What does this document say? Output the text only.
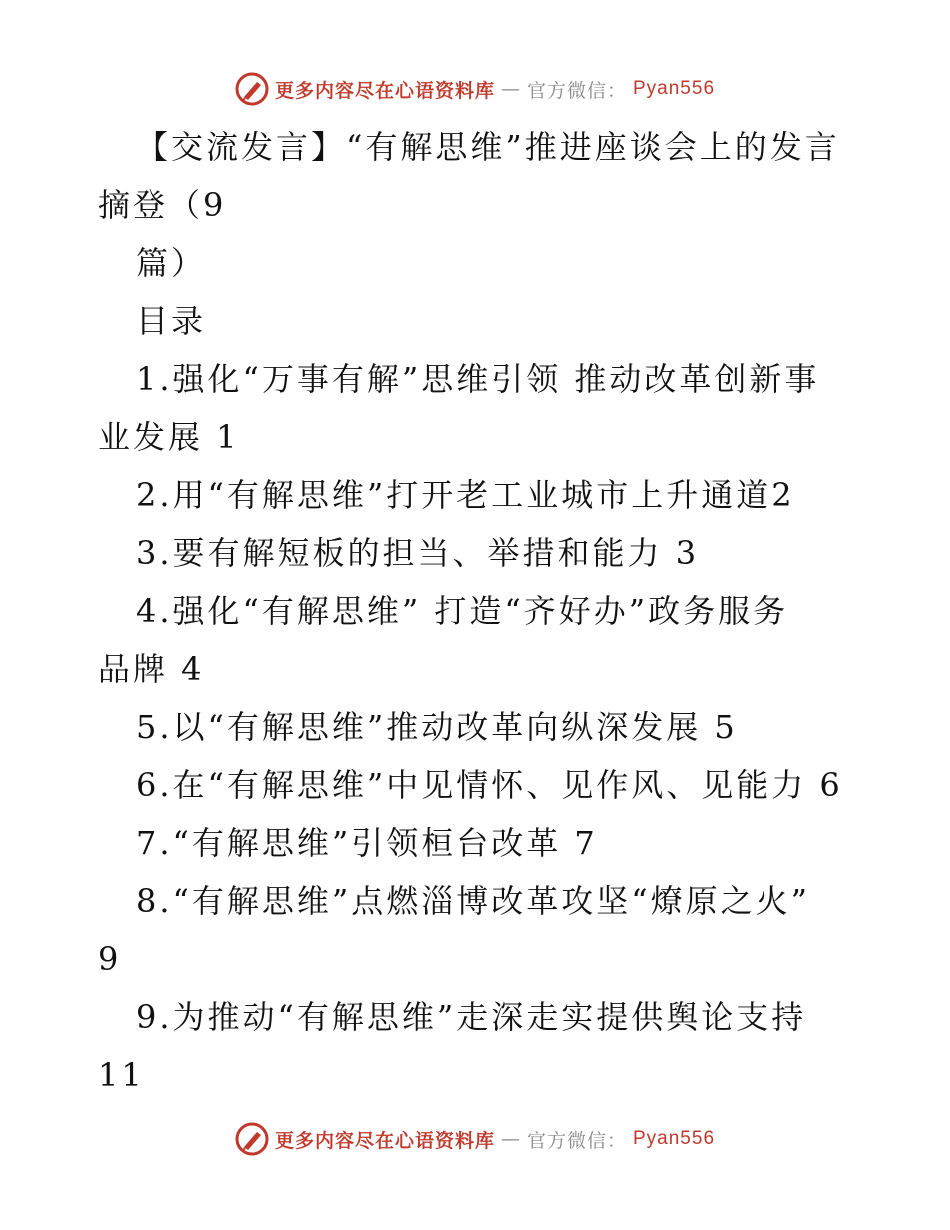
更多内容尽在心语资料库 — 官方微信： Pyan556
【交流发言】“有解思维”推进座谈会上的发言
摘登（9
篇）
目录
1.强化“万事有解”思维引领 推动改革创新事
业发展 1
2.用“有解思维”打开老工业城市上升通道2
3.要有解短板的担当、举措和能力 3
4.强化“有解思维” 打造“齐好办”政务服务
品牌 4
5.以“有解思维”推动改革向纵深发展 5
6.在“有解思维”中见情怀、见作风、见能力 6
7.“有解思维”引领桓台改革 7
8.“有解思维”点燃淄博改革攻坚“燎原之火”
9
9.为推动“有解思维”走深走实提供舆论支持
11
更多内容尽在心语资料库 — 官方微信： Pyan556
